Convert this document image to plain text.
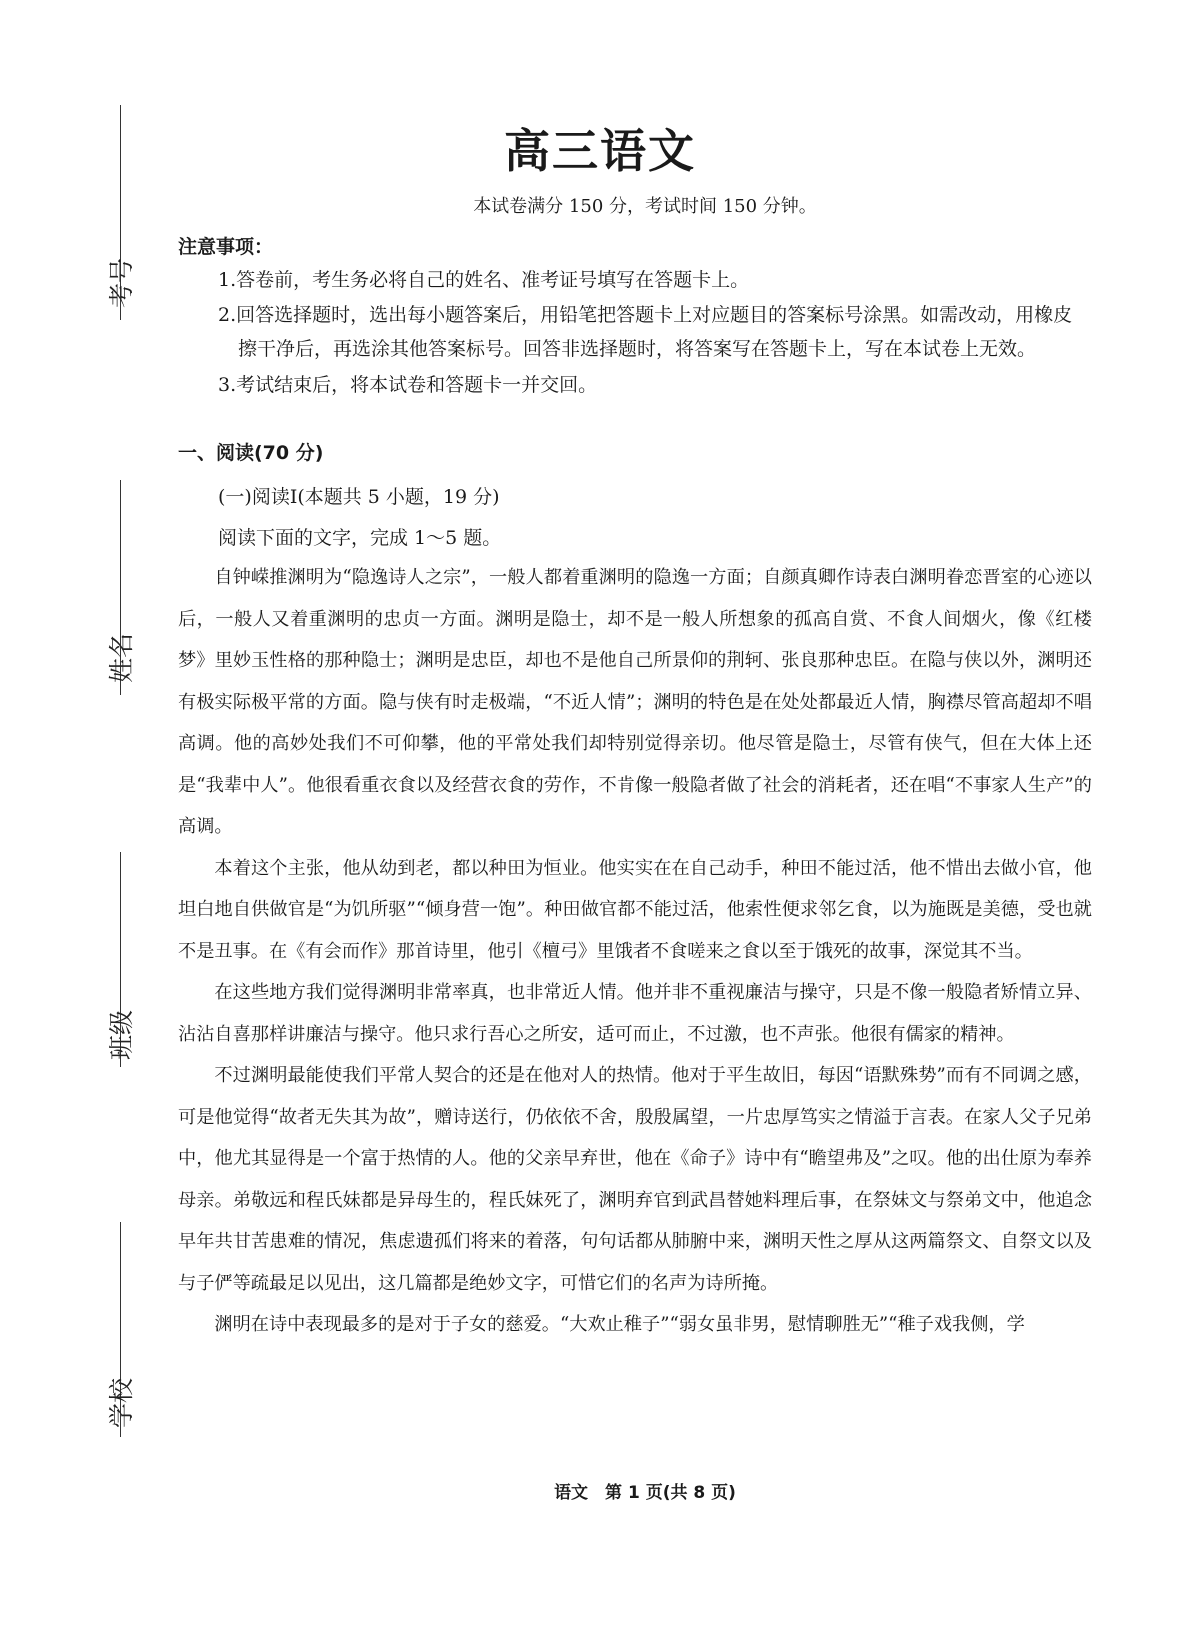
考号
姓名
班级
学校
高三语文
本试卷满分 150 分，考试时间 150 分钟。
注意事项：
1.答卷前，考生务必将自己的姓名、准考证号填写在答题卡上。
2.回答选择题时，选出每小题答案后，用铅笔把答题卡上对应题目的答案标号涂黑。如需改动，用橡皮
擦干净后，再选涂其他答案标号。回答非选择题时，将答案写在答题卡上，写在本试卷上无效。
3.考试结束后，将本试卷和答题卡一并交回。
一、阅读(70 分)
(一)阅读Ⅰ(本题共 5 小题，19 分)
阅读下面的文字，完成 1～5 题。

自钟嵘推渊明为“隐逸诗人之宗”，一般人都着重渊明的隐逸一方面；自颜真卿作诗表白渊明眷恋晋室的心迹以后，一般人又着重渊明的忠贞一方面。渊明是隐士，却不是一般人所想象的孤高自赏、不食人间烟火，像《红楼梦》里妙玉性格的那种隐士；渊明是忠臣，却也不是他自己所景仰的荆轲、张良那种忠臣。在隐与侠以外，渊明还有极实际极平常的方面。隐与侠有时走极端，“不近人情”；渊明的特色是在处处都最近人情，胸襟尽管高超却不唱高调。他的高妙处我们不可仰攀，他的平常处我们却特别觉得亲切。他尽管是隐士，尽管有侠气，但在大体上还是“我辈中人”。他很看重衣食以及经营衣食的劳作，不肯像一般隐者做了社会的消耗者，还在唱“不事家人生产”的高调。

本着这个主张，他从幼到老，都以种田为恒业。他实实在在自己动手，种田不能过活，他不惜出去做小官，他坦白地自供做官是“为饥所驱”“倾身营一饱”。种田做官都不能过活，他索性便求邻乞食，以为施既是美德，受也就不是丑事。在《有会而作》那首诗里，他引《檀弓》里饿者不食嗟来之食以至于饿死的故事，深觉其不当。

在这些地方我们觉得渊明非常率真，也非常近人情。他并非不重视廉洁与操守，只是不像一般隐者矫情立异、沾沾自喜那样讲廉洁与操守。他只求行吾心之所安，适可而止，不过激，也不声张。他很有儒家的精神。

不过渊明最能使我们平常人契合的还是在他对人的热情。他对于平生故旧，每因“语默殊势”而有不同调之感，可是他觉得“故者无失其为故”，赠诗送行，仍依依不舍，殷殷属望，一片忠厚笃实之情溢于言表。在家人父子兄弟中，他尤其显得是一个富于热情的人。他的父亲早弃世，他在《命子》诗中有“瞻望弗及”之叹。他的出仕原为奉养母亲。弟敬远和程氏妹都是异母生的，程氏妹死了，渊明弃官到武昌替她料理后事，在祭妹文与祭弟文中，他追念早年共甘苦患难的情况，焦虑遗孤们将来的着落，句句话都从肺腑中来，渊明天性之厚从这两篇祭文、自祭文以及与子俨等疏最足以见出，这几篇都是绝妙文字，可惜它们的名声为诗所掩。

渊明在诗中表现最多的是对于子女的慈爱。“大欢止稚子”“弱女虽非男，慰情聊胜无”“稚子戏我侧，学

语文　第 1 页(共 8 页)
